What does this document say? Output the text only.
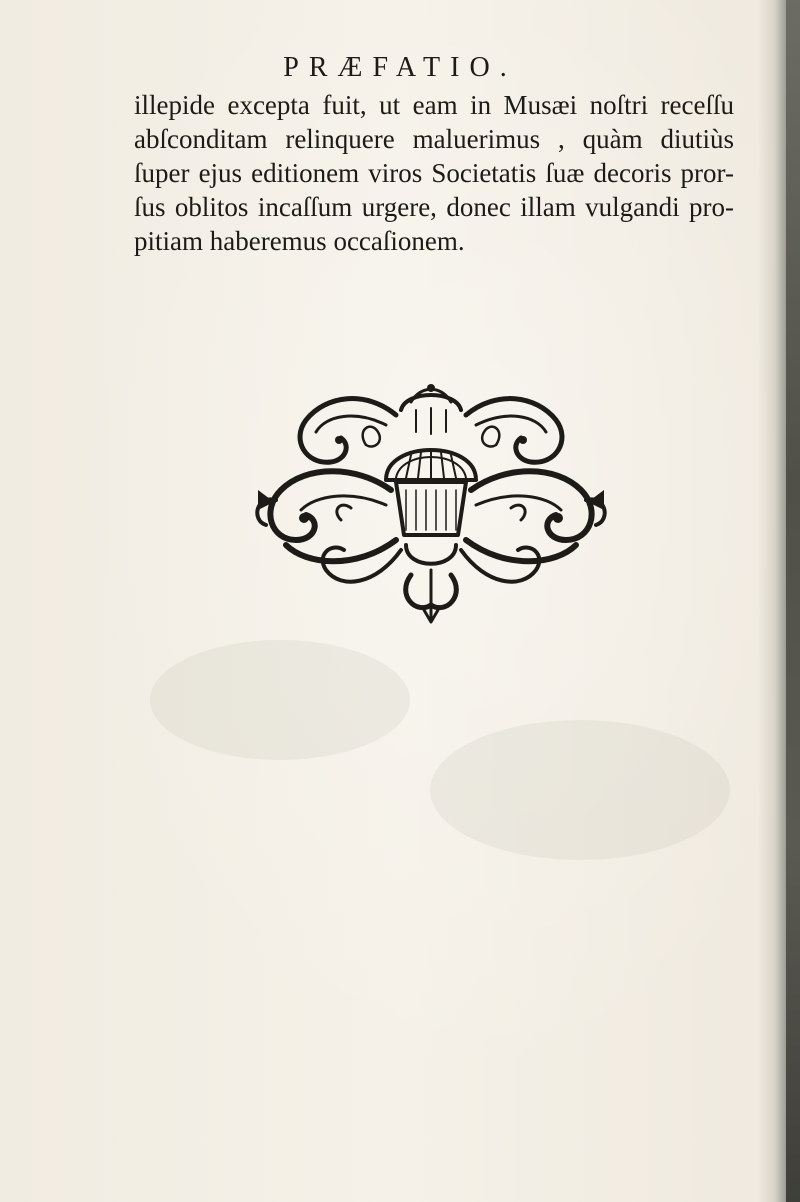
PRÆFATIO.
illepide excepta fuit, ut eam in Musæi noſtri receſſu
abſconditam relinquere maluerimus , quàm diutiùs
ſuper ejus editionem viros Societatis ſuæ decoris pror-
ſus oblitos incaſſum urgere, donec illam vulgandi pro-
pitiam haberemus occaſionem.
